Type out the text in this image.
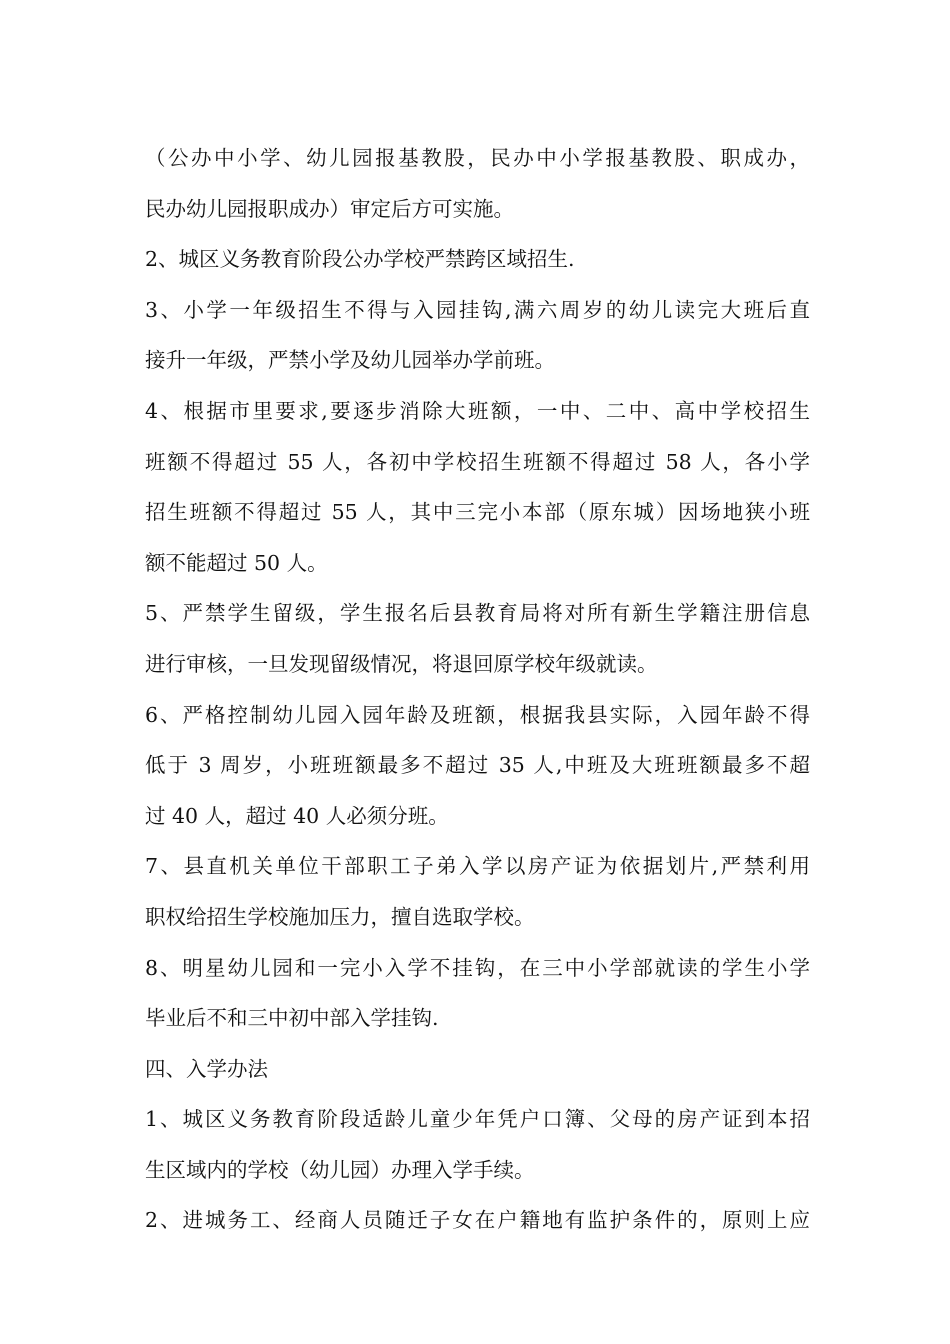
（公办中小学、幼儿园报基教股，民办中小学报基教股、职成办，
民办幼儿园报职成办）审定后方可实施。
2、城区义务教育阶段公办学校严禁跨区域招生.
3、小学一年级招生不得与入园挂钩,满六周岁的幼儿读完大班后直
接升一年级，严禁小学及幼儿园举办学前班。
4、根据市里要求,要逐步消除大班额，一中、二中、高中学校招生
班额不得超过 55 人，各初中学校招生班额不得超过 58 人，各小学
招生班额不得超过 55 人，其中三完小本部（原东城）因场地狭小班
额不能超过 50 人。
5、严禁学生留级，学生报名后县教育局将对所有新生学籍注册信息
进行审核，一旦发现留级情况，将退回原学校年级就读。
6、严格控制幼儿园入园年龄及班额，根据我县实际，入园年龄不得
低于 3 周岁，小班班额最多不超过 35 人,中班及大班班额最多不超
过 40 人，超过 40 人必须分班。
7、县直机关单位干部职工子弟入学以房产证为依据划片,严禁利用
职权给招生学校施加压力，擅自选取学校。
8、明星幼儿园和一完小入学不挂钩，在三中小学部就读的学生小学
毕业后不和三中初中部入学挂钩.
四、入学办法
1、城区义务教育阶段适龄儿童少年凭户口簿、父母的房产证到本招
生区域内的学校（幼儿园）办理入学手续。
2、进城务工、经商人员随迁子女在户籍地有监护条件的，原则上应
